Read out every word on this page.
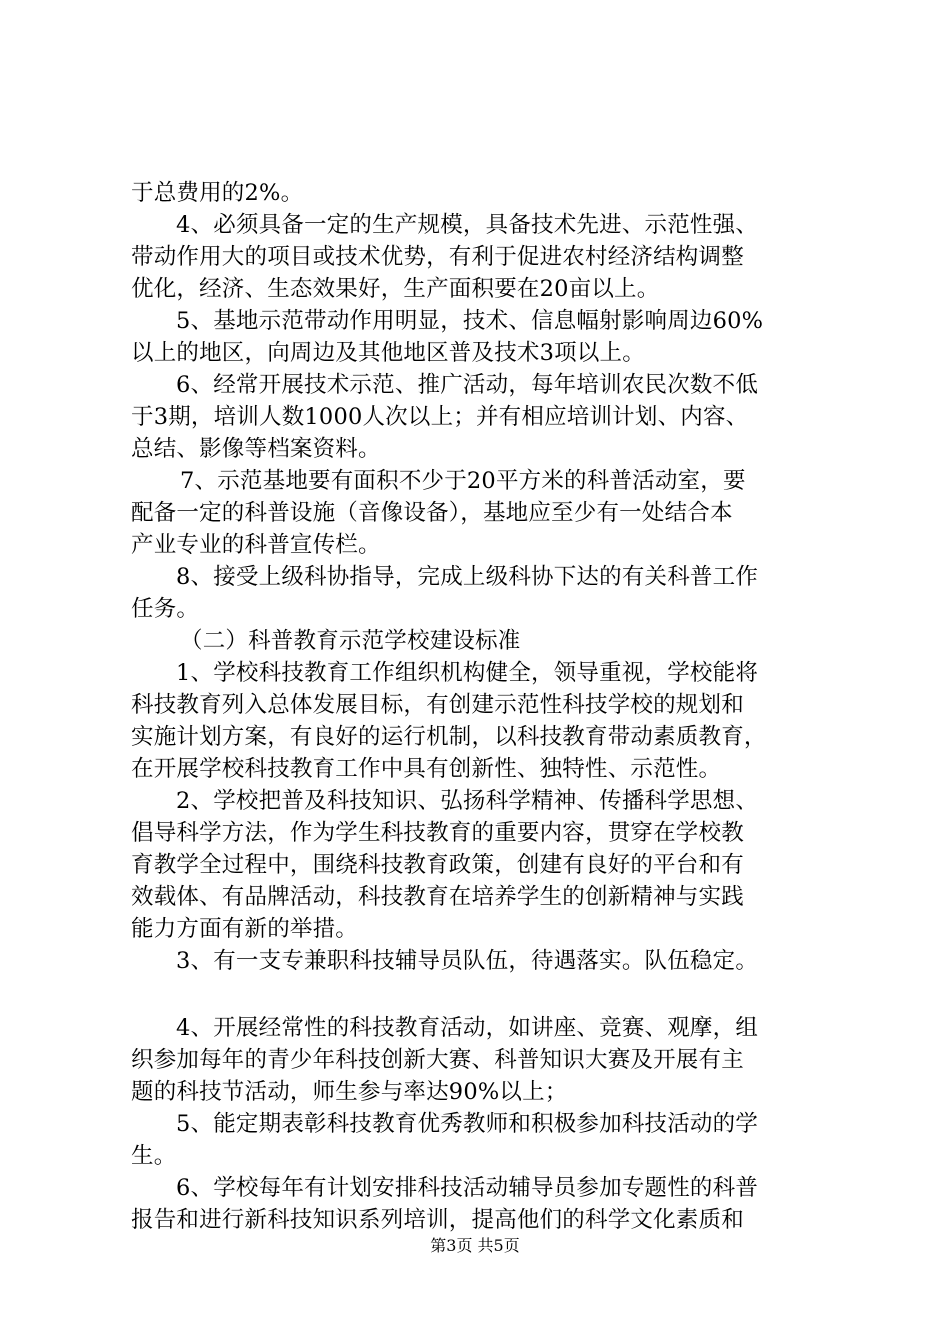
于总费用的2%。
4、必须具备一定的生产规模，具备技术先进、示范性强、
带动作用大的项目或技术优势，有利于促进农村经济结构调整
优化，经济、生态效果好，生产面积要在20亩以上。
5、基地示范带动作用明显，技术、信息幅射影响周边60%
以上的地区，向周边及其他地区普及技术3项以上。
6、经常开展技术示范、推广活动，每年培训农民次数不低
于3期，培训人数1000人次以上；并有相应培训计划、内容、
总结、影像等档案资料。
7、示范基地要有面积不少于20平方米的科普活动室，要
配备一定的科普设施（音像设备），基地应至少有一处结合本
产业专业的科普宣传栏。
8、接受上级科协指导，完成上级科协下达的有关科普工作
任务。
（二）科普教育示范学校建设标准
1、学校科技教育工作组织机构健全，领导重视，学校能将
科技教育列入总体发展目标，有创建示范性科技学校的规划和
实施计划方案，有良好的运行机制，以科技教育带动素质教育，
在开展学校科技教育工作中具有创新性、独特性、示范性。
2、学校把普及科技知识、弘扬科学精神、传播科学思想、
倡导科学方法，作为学生科技教育的重要内容，贯穿在学校教
育教学全过程中，围绕科技教育政策，创建有良好的平台和有
效载体、有品牌活动，科技教育在培养学生的创新精神与实践
能力方面有新的举措。
3、有一支专兼职科技辅导员队伍，待遇落实。队伍稳定。
4、开展经常性的科技教育活动，如讲座、竞赛、观摩，组
织参加每年的青少年科技创新大赛、科普知识大赛及开展有主
题的科技节活动，师生参与率达90%以上；
5、能定期表彰科技教育优秀教师和积极参加科技活动的学
生。
6、学校每年有计划安排科技活动辅导员参加专题性的科普
报告和进行新科技知识系列培训，提高他们的科学文化素质和
第3页 共5页
